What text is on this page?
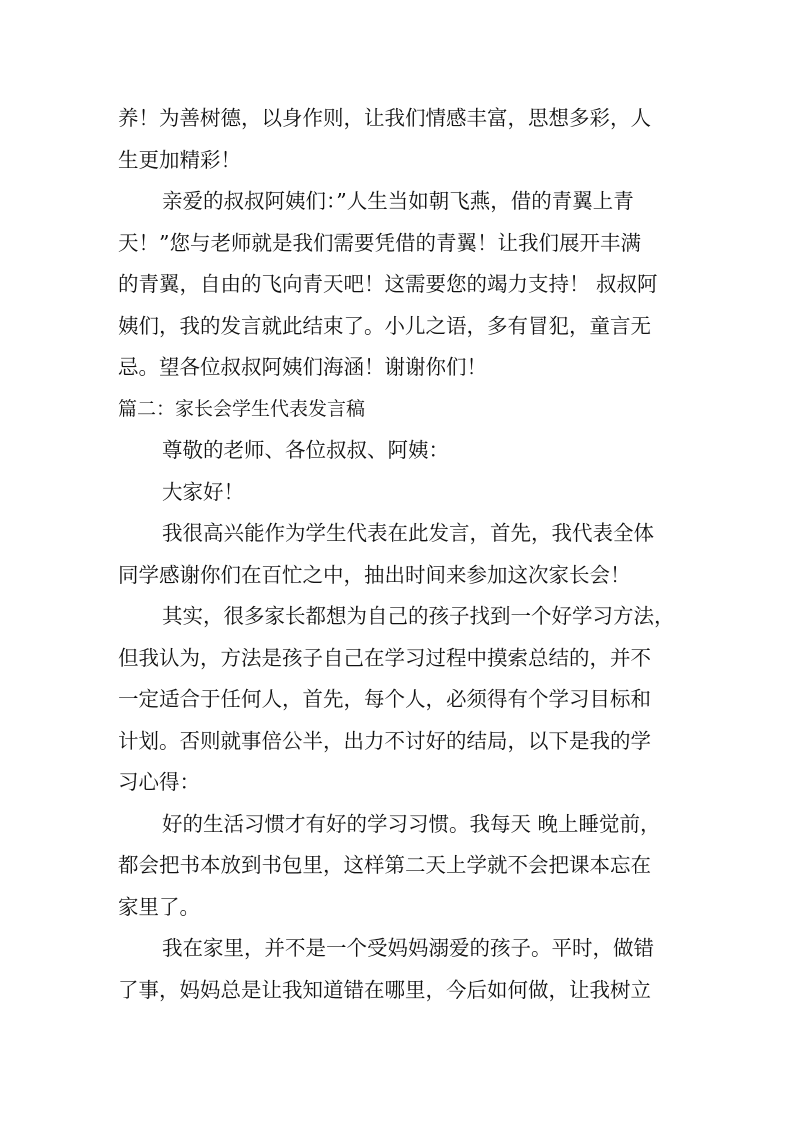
养！为善树德，以身作则，让我们情感丰富，思想多彩，人
生更加精彩！
亲爱的叔叔阿姨们：”人生当如朝飞燕，借的青翼上青
天！”您与老师就是我们需要凭借的青翼！让我们展开丰满
的青翼，自由的飞向青天吧！这需要您的竭力支持！ 叔叔阿
姨们，我的发言就此结束了。小儿之语，多有冒犯，童言无
忌。望各位叔叔阿姨们海涵！谢谢你们！
篇二：家长会学生代表发言稿
尊敬的老师、各位叔叔、阿姨：
大家好！
我很高兴能作为学生代表在此发言，首先，我代表全体
同学感谢你们在百忙之中，抽出时间来参加这次家长会！
其实，很多家长都想为自己的孩子找到一个好学习方法，
但我认为，方法是孩子自己在学习过程中摸索总结的，并不
一定适合于任何人，首先，每个人，必须得有个学习目标和
计划。否则就事倍公半，出力不讨好的结局，以下是我的学
习心得：
好的生活习惯才有好的学习习惯。我每天 晚上睡觉前，
都会把书本放到书包里，这样第二天上学就不会把课本忘在
家里了。
我在家里，并不是一个受妈妈溺爱的孩子。平时，做错
了事，妈妈总是让我知道错在哪里，今后如何做，让我树立
